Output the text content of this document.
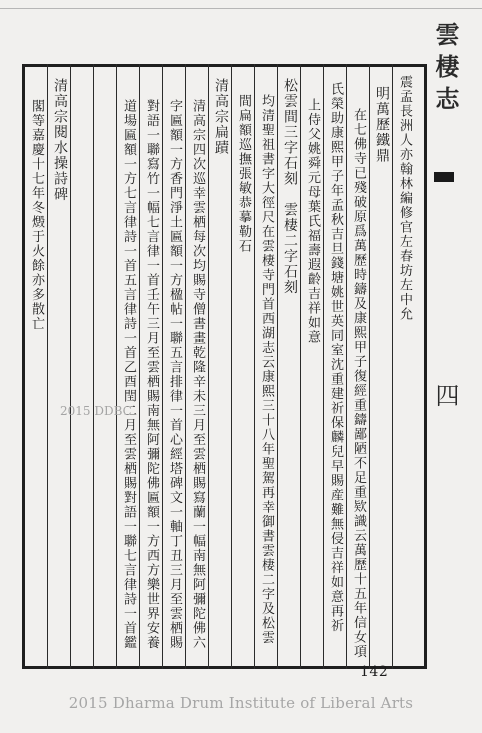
雲棲志
四
震孟長洲人亦翰林編修官左春坊左中允
明萬歷鐵鼎
在七佛寺已殘破原爲萬歷時鑄及康熙甲子復經重鑄鄙陋不足重欵識云萬歷十五年信女項
氏榮助康熙甲子年孟秋吉旦錢塘姚世英同室沈重建祈保麟兒早賜産難無侵吉祥如意再祈
上侍父姚舜元母葉氏福壽遐齡吉祥如意
松雲間三字石刻　雲棲二字石刻
均清聖祖書字大徑尺在雲棲寺門首西湖志云康熙三十八年聖駕再幸御書雲棲二字及松雲
間扁額巡撫張敏恭摹勒石
清高宗扁蹟
清高宗四次巡幸雲栖每次均賜寺僧書畫乾隆辛未三月至雲栖賜寫蘭一幅南無阿彌陀佛六
字匾額一方香門淨土匾額一方楹帖一聯五言排律一首心經塔碑文一軸丁丑三月至雲栖賜
對語一聯寫竹一幅七言律一首壬午三月至雲栖賜南無阿彌陀佛匾額一方西方樂世界安養
道場匾額一方七言律詩一首五言律詩一首乙酉閏二月至雲栖賜對語一聯七言律詩一首鑑
清高宗閱水操詩碑
閣等嘉慶十七年冬燬于火餘亦多散亡
2015 DDBC
142
2015 Dharma Drum Institute of Liberal Arts
